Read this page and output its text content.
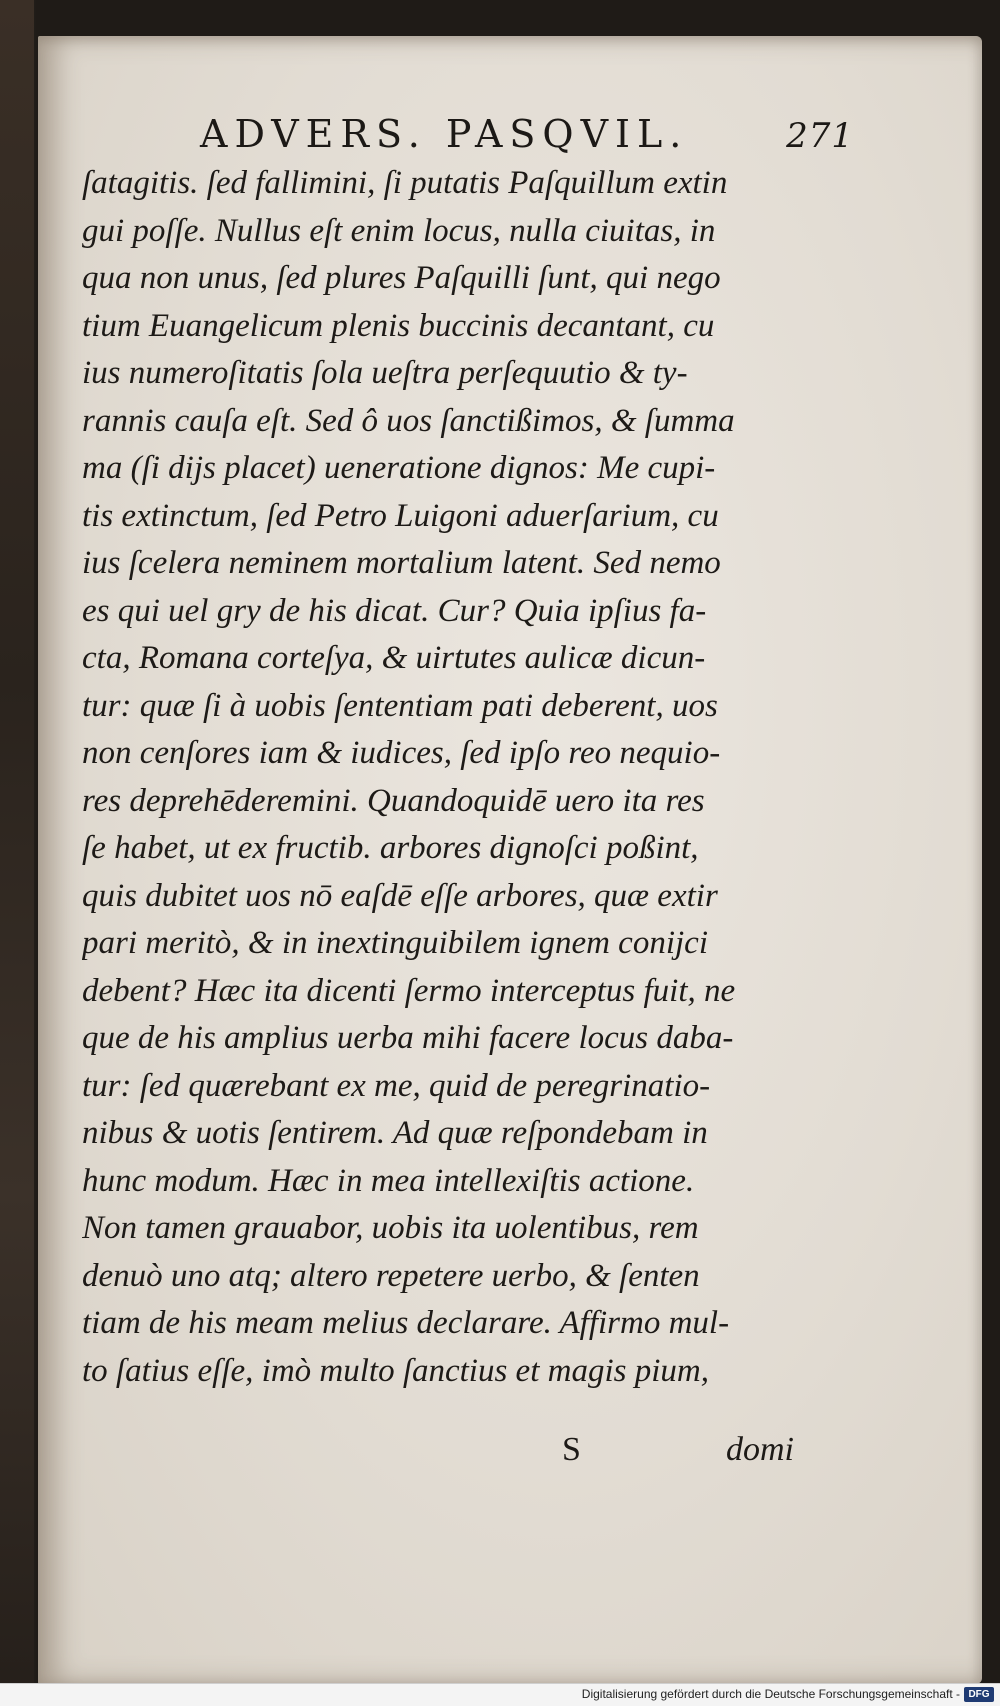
ADVERS. PASQVIL.	271
ſatagitis. ſed fallimini, ſi putatis Paſquillum extin
gui poſſe. Nullus eſt enim locus, nulla ciuitas, in
qua non unus, ſed plures Paſquilli ſunt, qui nego
tium Euangelicum plenis buccinis decantant, cu
ius numeroſitatis ſola ueſtra perſequutio & ty-
rannis cauſa eſt. Sed ô uos ſanctißimos, & ſumma
ma (ſi dijs placet) ueneratione dignos: Me cupi-
tis extinctum, ſed Petro Luigoni aduerſarium, cu
ius ſcelera neminem mortalium latent. Sed nemo
es qui uel gry de his dicat. Cur? Quia ipſius fa-
cta, Romana corteſya, & uirtutes aulicæ dicun-
tur: quæ ſi à uobis ſententiam pati deberent, uos
non cenſores iam & iudices, ſed ipſo reo nequio-
res deprehēderemini. Quandoquidē uero ita res
ſe habet, ut ex fructib. arbores dignoſci poßint,
quis dubitet uos nō eaſdē eſſe arbores, quæ extir
pari meritò, & in inextinguibilem ignem conijci
debent? Hæc ita dicenti ſermo interceptus fuit, ne
que de his amplius uerba mihi facere locus daba-
tur: ſed quærebant ex me, quid de peregrinatio-
nibus & uotis ſentirem. Ad quæ reſpondebam in
hunc modum. Hæc in mea intellexiſtis actione.
Non tamen grauabor, uobis ita uolentibus, rem
denuò uno atq; altero repetere uerbo, & ſenten
tiam de his meam melius declarare. Affirmo mul-
to ſatius eſſe, imò multo ſanctius et magis pium,
S	domi
Digitalisierung gefördert durch die Deutsche Forschungsgemeinschaft - DFG
